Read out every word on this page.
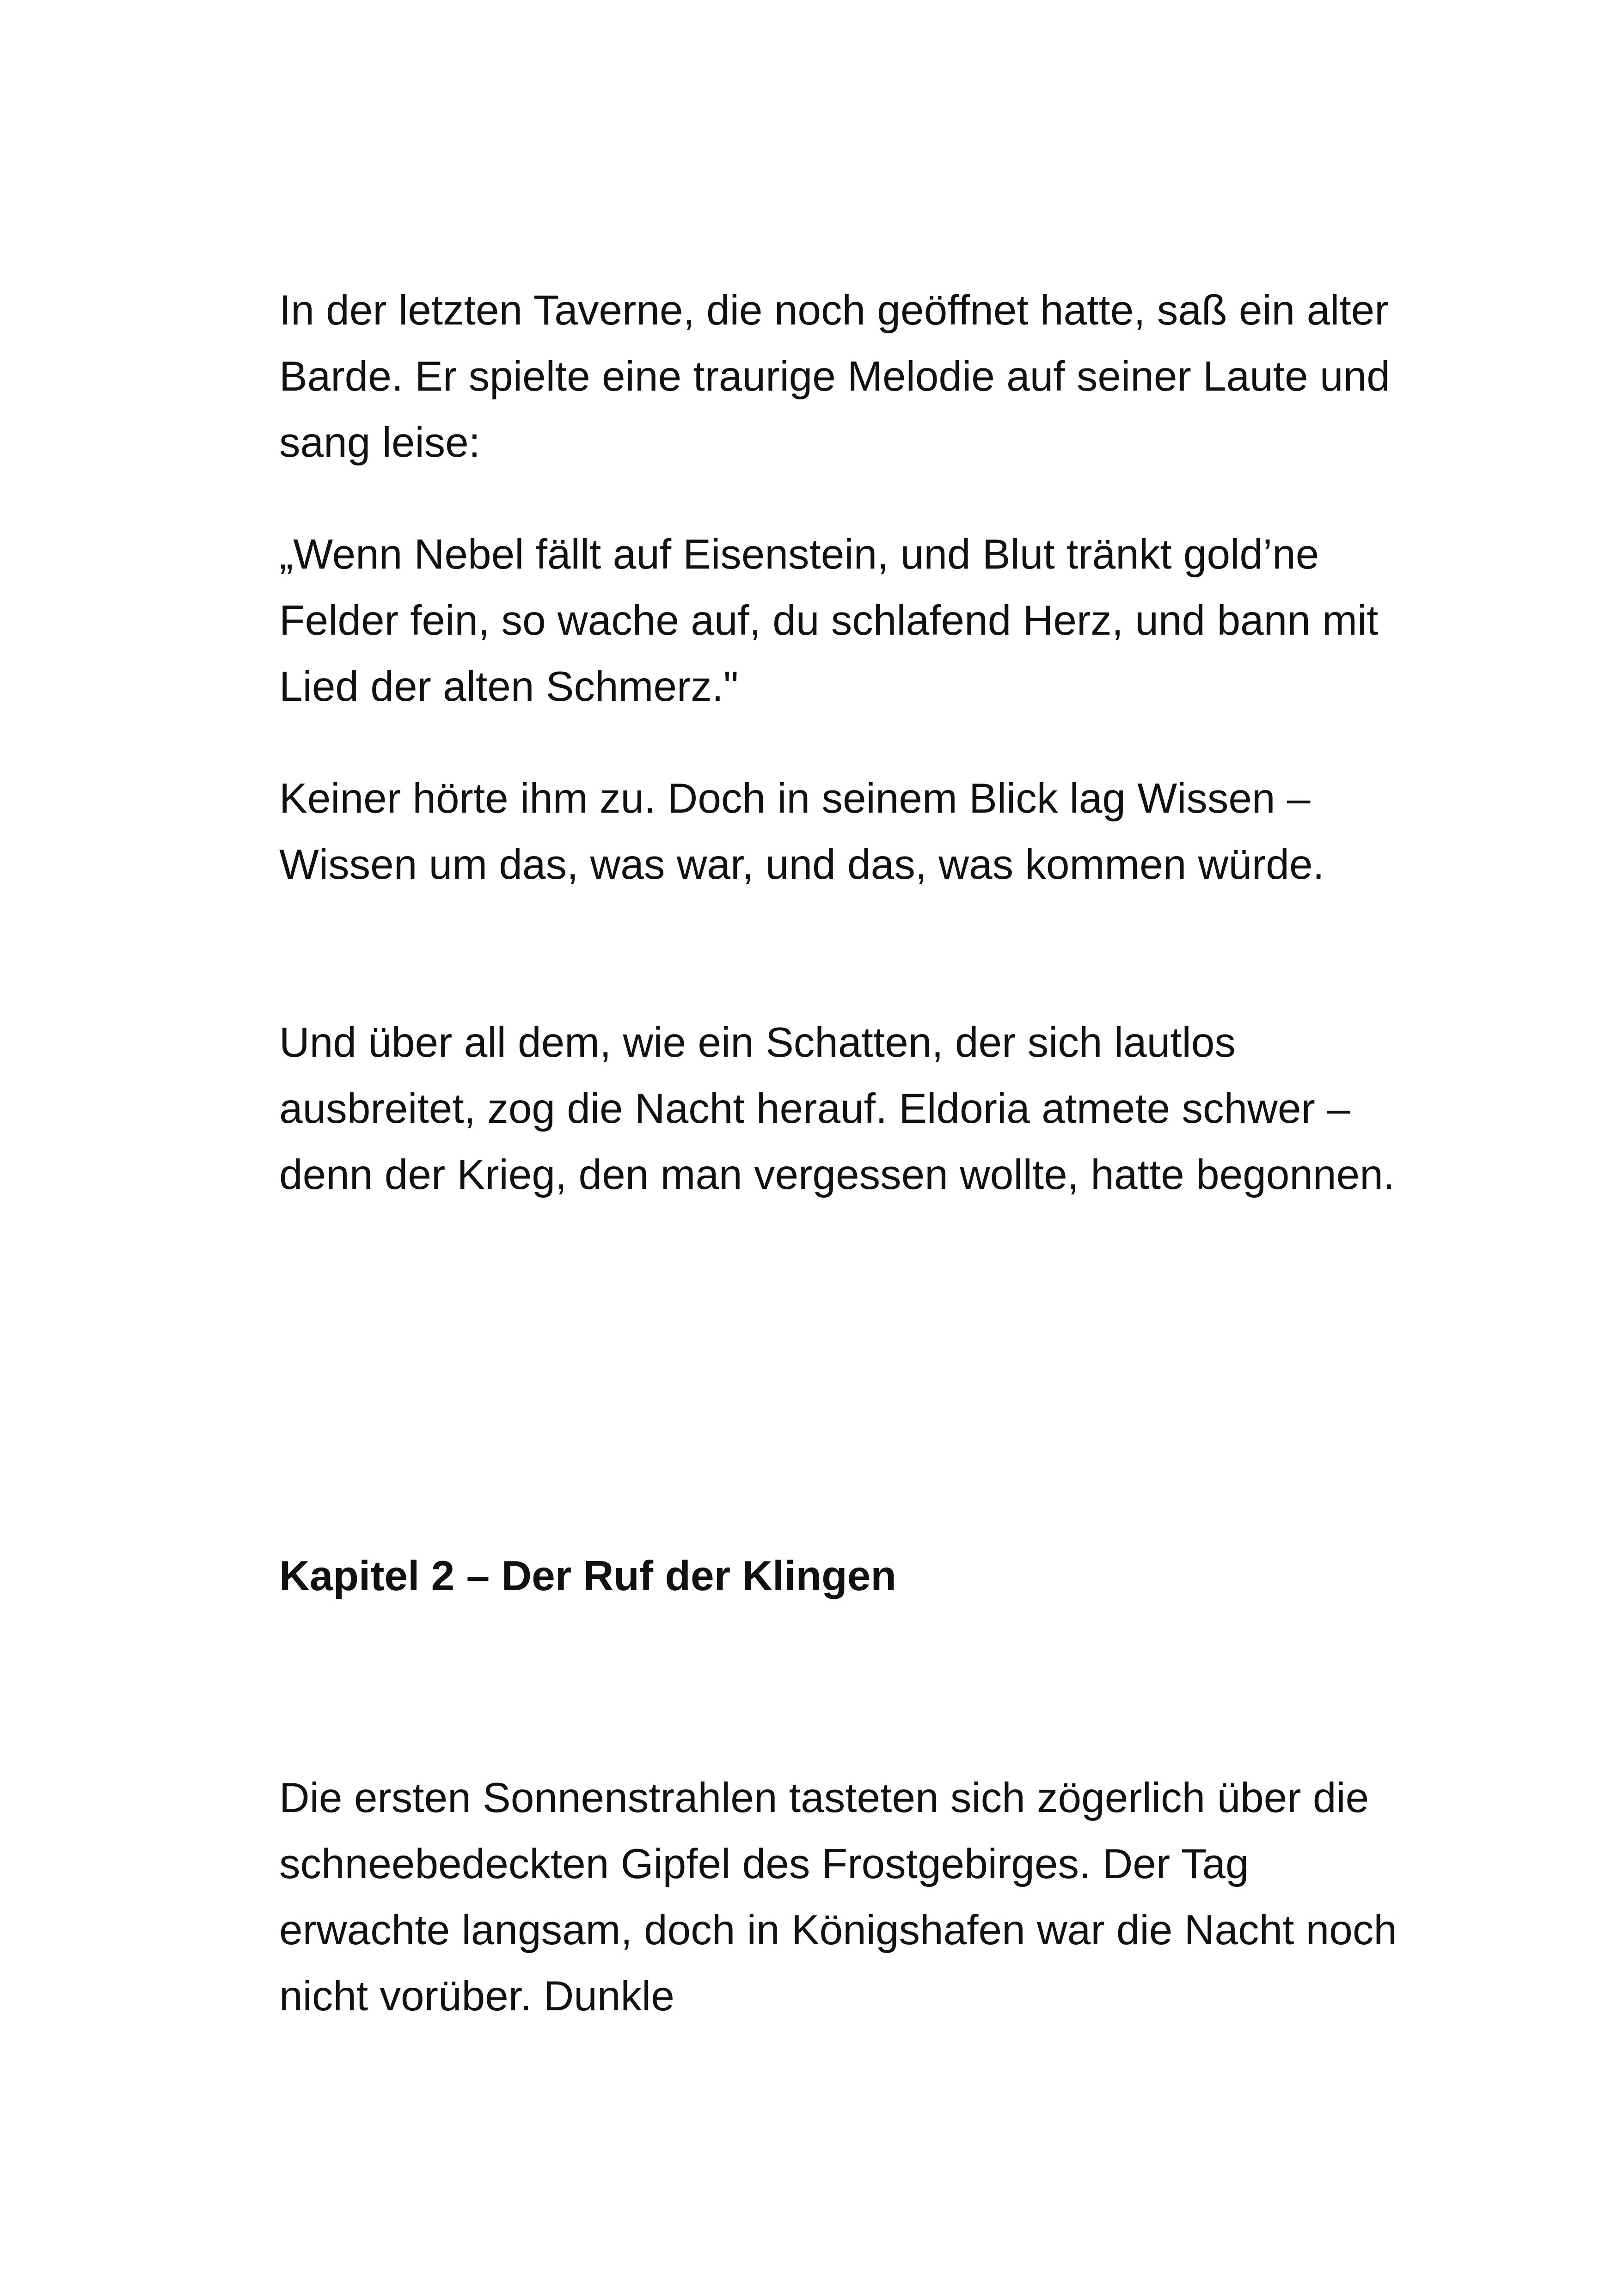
In der letzten Taverne, die noch geöffnet hatte, saß ein alter Barde. Er spielte eine traurige Melodie auf seiner Laute und sang leise:

„Wenn Nebel fällt auf Eisenstein, und Blut tränkt gold’ne Felder fein, so wache auf, du schlafend Herz, und bann mit Lied der alten Schmerz."

Keiner hörte ihm zu. Doch in seinem Blick lag Wissen – Wissen um das, was war, und das, was kommen würde.

Und über all dem, wie ein Schatten, der sich lautlos ausbreitet, zog die Nacht herauf. Eldoria atmete schwer – denn der Krieg, den man vergessen wollte, hatte begonnen.

Kapitel 2 – Der Ruf der Klingen

Die ersten Sonnenstrahlen tasteten sich zögerlich über die schneebedeckten Gipfel des Frostgebirges. Der Tag erwachte langsam, doch in Königshafen war die Nacht noch nicht vorüber. Dunkle
